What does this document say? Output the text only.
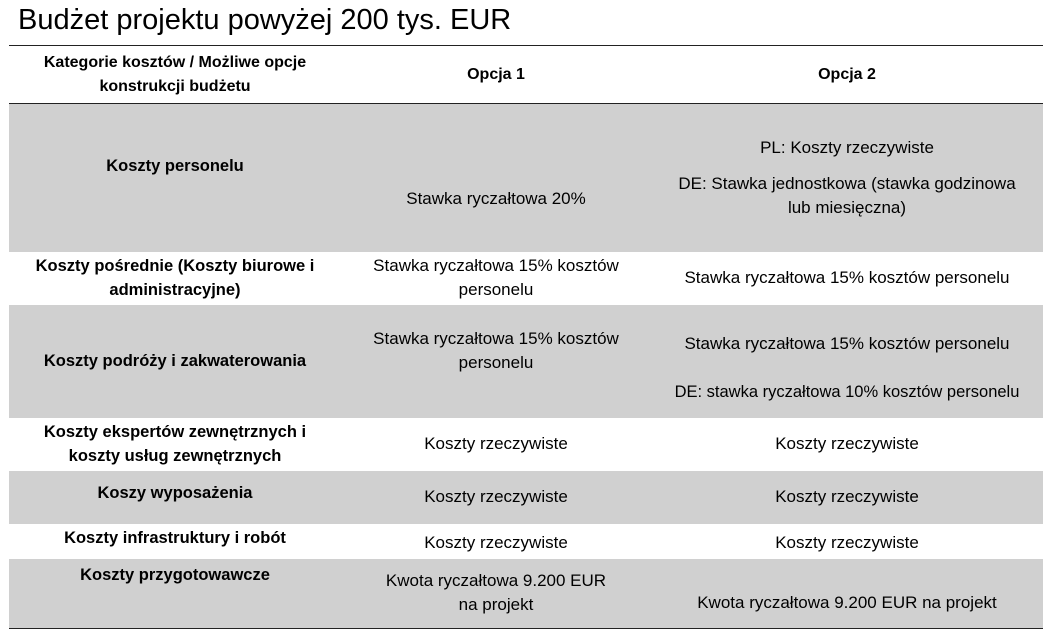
Budżet projektu powyżej 200 tys. EUR
Kategorie kosztów / Możliwe opcje konstrukcji budżetu	Opcja 1	Opcja 2
Koszty personelu	Stawka ryczałtowa 20%	PL: Koszty rzeczywiste
DE: Stawka jednostkowa (stawka godzinowa lub miesięczna)

Koszty pośrednie (Koszty biurowe i administracyjne)	Stawka ryczałtowa 15% kosztów personelu	Stawka ryczałtowa 15% kosztów personelu
Koszty podróży i zakwaterowania	Stawka ryczałtowa 15% kosztów personelu	Stawka ryczałtowa 15% kosztów personelu
DE: stawka ryczałtowa 10% kosztów personelu

Koszty ekspertów zewnętrznych i koszty usług zewnętrznych	Koszty rzeczywiste	Koszty rzeczywiste
Koszy wyposażenia	Koszty rzeczywiste	Koszty rzeczywiste
Koszty infrastruktury i robót	Koszty rzeczywiste	Koszty rzeczywiste
Koszty przygotowawcze	Kwota ryczałtowa 9.200 EUR na projekt	Kwota ryczałtowa 9.200 EUR na projekt
